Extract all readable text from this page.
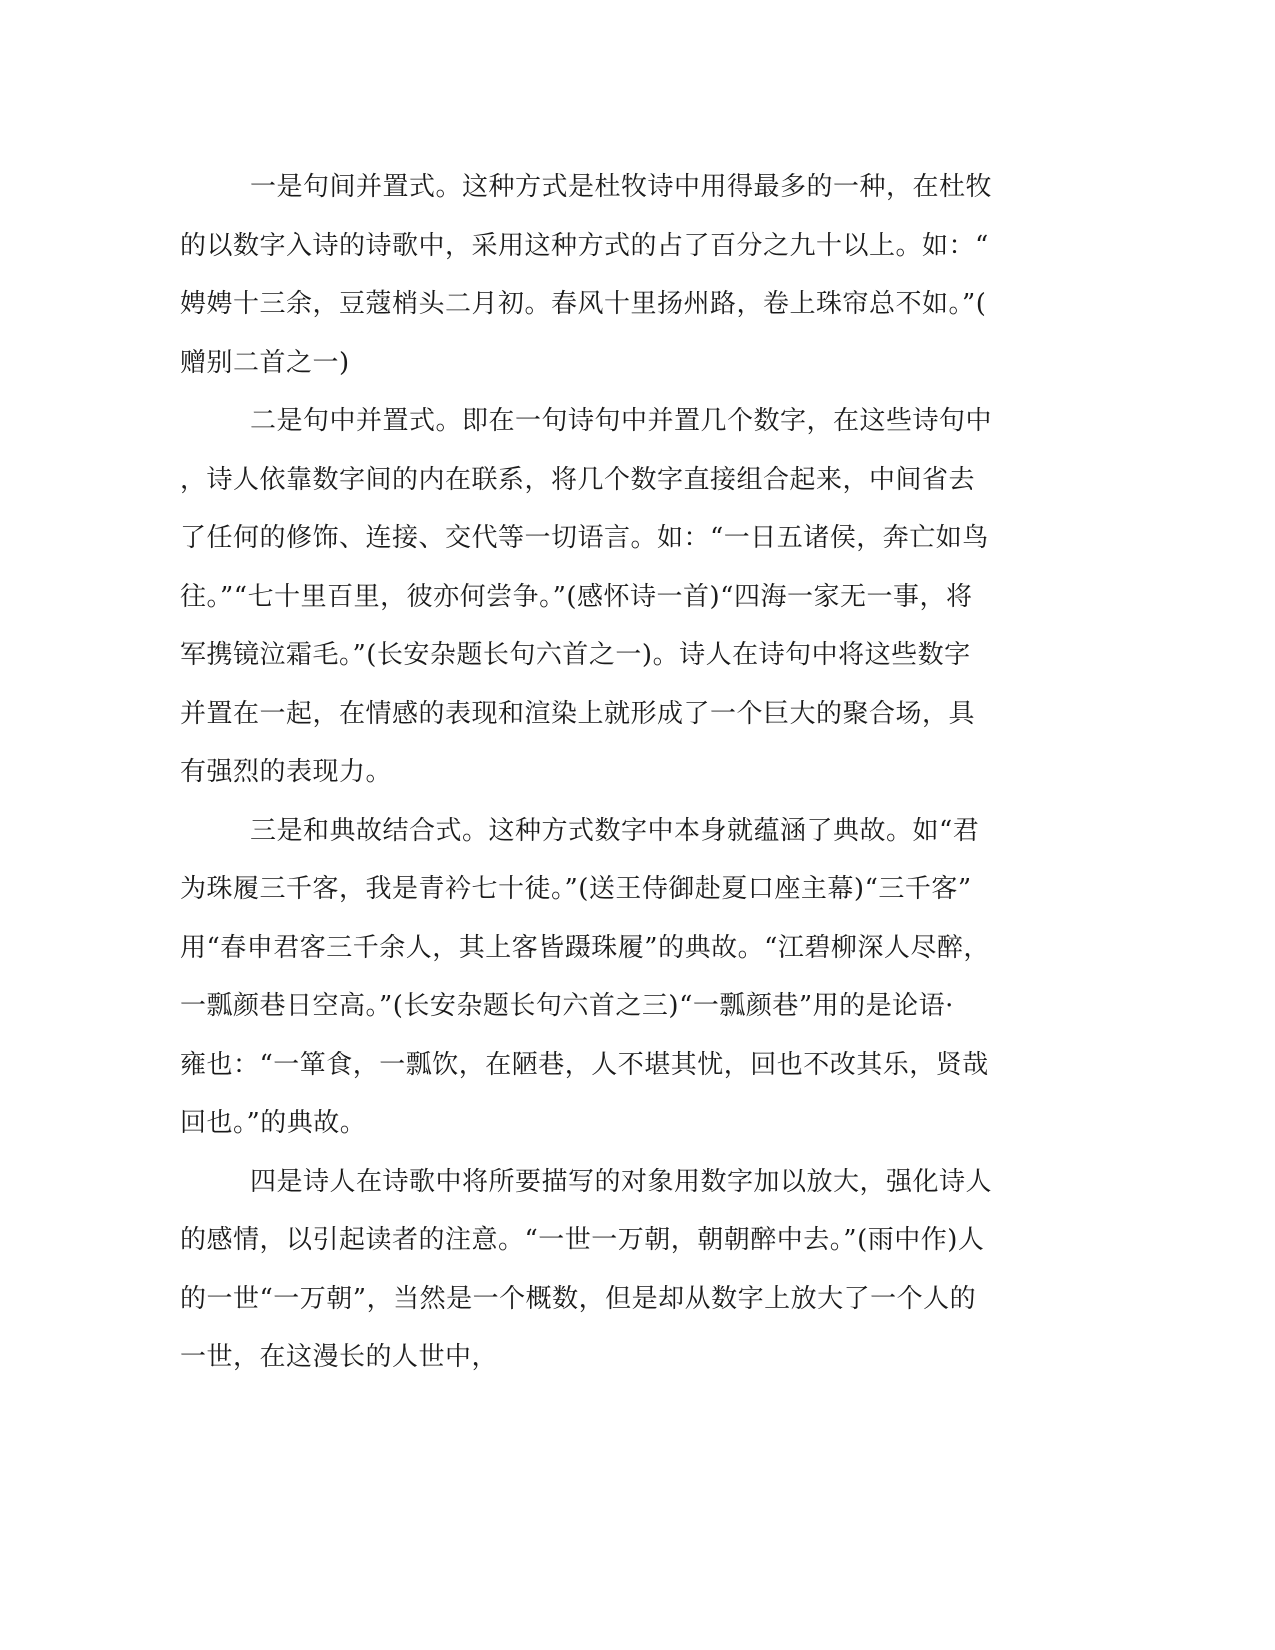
一是句间并置式。这种方式是杜牧诗中用得最多的一种，在杜牧
的以数字入诗的诗歌中，采用这种方式的占了百分之九十以上。如：“
娉娉十三余，豆蔻梢头二月初。春风十里扬州路，卷上珠帘总不如。”(
赠别二首之一)
二是句中并置式。即在一句诗句中并置几个数字，在这些诗句中
，诗人依靠数字间的内在联系，将几个数字直接组合起来，中间省去
了任何的修饰、连接、交代等一切语言。如：“一日五诸侯，奔亡如鸟
往。”“七十里百里，彼亦何尝争。”(感怀诗一首)“四海一家无一事，将
军携镜泣霜毛。”(长安杂题长句六首之一)。诗人在诗句中将这些数字
并置在一起，在情感的表现和渲染上就形成了一个巨大的聚合场，具
有强烈的表现力。
三是和典故结合式。这种方式数字中本身就蕴涵了典故。如“君
为珠履三千客，我是青衿七十徒。”(送王侍御赴夏口座主幕)“三千客”
用“春申君客三千余人，其上客皆蹑珠履”的典故。“江碧柳深人尽醉，
一瓢颜巷日空高。”(长安杂题长句六首之三)“一瓢颜巷”用的是论语·
雍也：“一箪食，一瓢饮，在陋巷，人不堪其忧，回也不改其乐，贤哉
回也。”的典故。
四是诗人在诗歌中将所要描写的对象用数字加以放大，强化诗人
的感情，以引起读者的注意。“一世一万朝，朝朝醉中去。”(雨中作)人
的一世“一万朝”，当然是一个概数，但是却从数字上放大了一个人的
一世，在这漫长的人世中，
